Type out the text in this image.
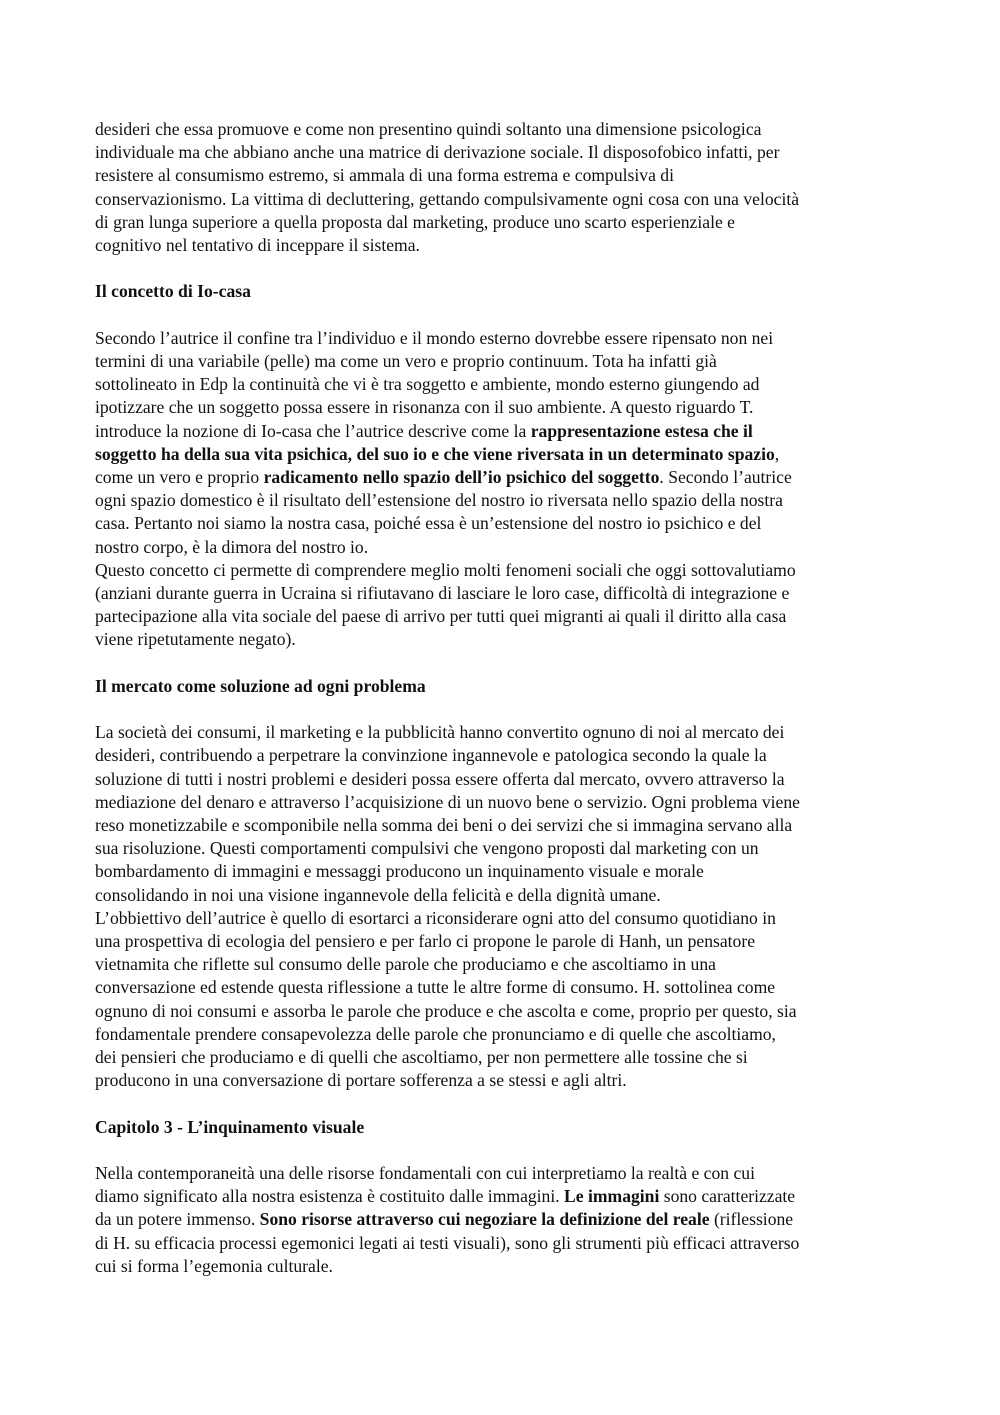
desideri che essa promuove e come non presentino quindi soltanto una dimensione psicologica
individuale ma che abbiano anche una matrice di derivazione sociale. Il disposofobico infatti, per
resistere al consumismo estremo, si ammala di una forma estrema e compulsiva di
conservazionismo. La vittima di decluttering, gettando compulsivamente ogni cosa con una velocità
di gran lunga superiore a quella proposta dal marketing, produce uno scarto esperienziale e
cognitivo nel tentativo di inceppare il sistema.
Il concetto di Io-casa
Secondo l’autrice il confine tra l’individuo e il mondo esterno dovrebbe essere ripensato non nei
termini di una variabile (pelle) ma come un vero e proprio continuum. Tota ha infatti già
sottolineato in Edp la continuità che vi è tra soggetto e ambiente, mondo esterno giungendo ad
ipotizzare che un soggetto possa essere in risonanza con il suo ambiente. A questo riguardo T.
introduce la nozione di Io-casa che l’autrice descrive come la rappresentazione estesa che il
soggetto ha della sua vita psichica, del suo io e che viene riversata in un determinato spazio,
come un vero e proprio radicamento nello spazio dell’io psichico del soggetto. Secondo l’autrice
ogni spazio domestico è il risultato dell’estensione del nostro io riversata nello spazio della nostra
casa. Pertanto noi siamo la nostra casa, poiché essa è un’estensione del nostro io psichico e del
nostro corpo, è la dimora del nostro io.
Questo concetto ci permette di comprendere meglio molti fenomeni sociali che oggi sottovalutiamo
(anziani durante guerra in Ucraina si rifiutavano di lasciare le loro case, difficoltà di integrazione e
partecipazione alla vita sociale del paese di arrivo per tutti quei migranti ai quali il diritto alla casa
viene ripetutamente negato).
Il mercato come soluzione ad ogni problema
La società dei consumi, il marketing e la pubblicità hanno convertito ognuno di noi al mercato dei
desideri, contribuendo a perpetrare la convinzione ingannevole e patologica secondo la quale la
soluzione di tutti i nostri problemi e desideri possa essere offerta dal mercato, ovvero attraverso la
mediazione del denaro e attraverso l’acquisizione di un nuovo bene o servizio. Ogni problema viene
reso monetizzabile e scomponibile nella somma dei beni o dei servizi che si immagina servano alla
sua risoluzione. Questi comportamenti compulsivi che vengono proposti dal marketing con un
bombardamento di immagini e messaggi producono un inquinamento visuale e morale
consolidando in noi una visione ingannevole della felicità e della dignità umane.
L’obbiettivo dell’autrice è quello di esortarci a riconsiderare ogni atto del consumo quotidiano in
una prospettiva di ecologia del pensiero e per farlo ci propone le parole di Hanh, un pensatore
vietnamita che riflette sul consumo delle parole che produciamo e che ascoltiamo in una
conversazione ed estende questa riflessione a tutte le altre forme di consumo. H. sottolinea come
ognuno di noi consumi e assorba le parole che produce e che ascolta e come, proprio per questo, sia
fondamentale prendere consapevolezza delle parole che pronunciamo e di quelle che ascoltiamo,
dei pensieri che produciamo e di quelli che ascoltiamo, per non permettere alle tossine che si
producono in una conversazione di portare sofferenza a se stessi e agli altri.
Capitolo 3 - L’inquinamento visuale
Nella contemporaneità una delle risorse fondamentali con cui interpretiamo la realtà e con cui
diamo significato alla nostra esistenza è costituito dalle immagini. Le immagini sono caratterizzate
da un potere immenso. Sono risorse attraverso cui negoziare la definizione del reale (riflessione
di H. su efficacia processi egemonici legati ai testi visuali), sono gli strumenti più efficaci attraverso
cui si forma l’egemonia culturale.
